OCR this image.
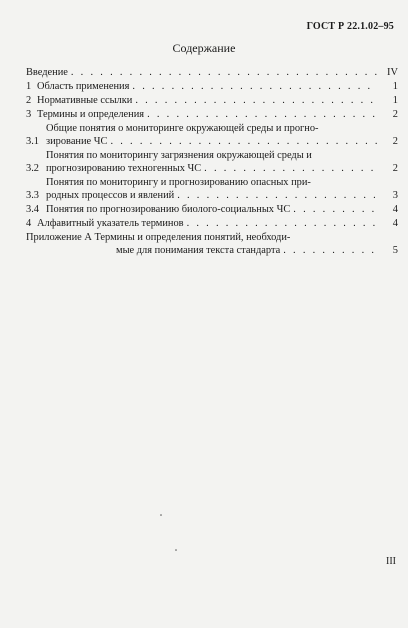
ГОСТ Р 22.1.02–95
Содержание
Введение . . .	IV
1 Область применения . . .	1
2 Нормативные ссылки . . .	1
3 Термины и определения . . .	2
3.1
Общие понятия о мониторинге окружающей среды и прогно-
зирование ЧС . . .	2
3.2
Понятия по мониторингу загрязнения окружающей среды и
прогнозированию техногенных ЧС . . .	2
3.3
Понятия по мониторингу и прогнозированию опасных при-
родных процессов и явлений . . .	3
3.4 Понятия по прогнозированию биолого-социальных ЧС . . .	4
4 Алфавитный указатель терминов . . .	4
Приложение А Термины и определения понятий, необходи-
мые для понимания текста стандарта . . .	5
III
